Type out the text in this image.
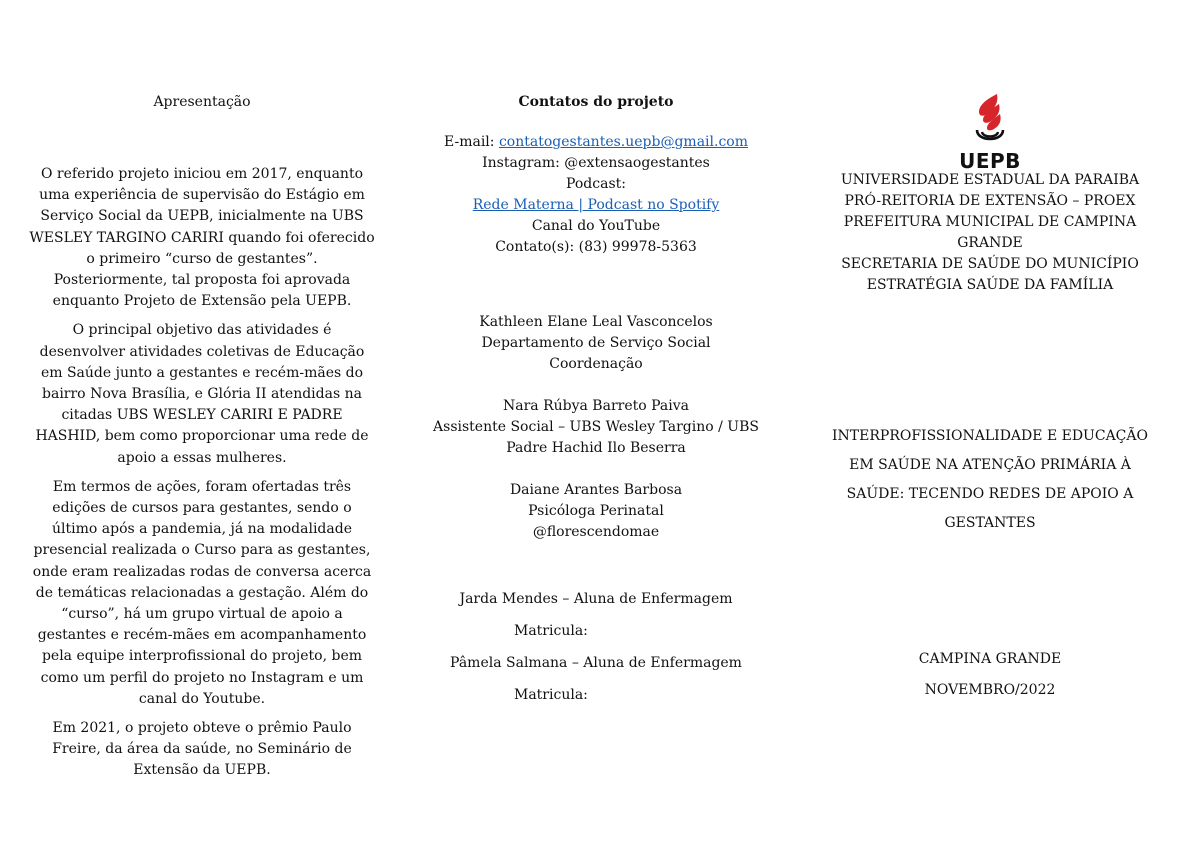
Apresentação

O referido projeto iniciou em 2017, enquanto uma experiência de supervisão do Estágio em Serviço Social da UEPB, inicialmente na UBS WESLEY TARGINO CARIRI quando foi oferecido o primeiro “curso de gestantes”. Posteriormente, tal proposta foi aprovada enquanto Projeto de Extensão pela UEPB.

O principal objetivo das atividades é desenvolver atividades coletivas de Educação em Saúde junto a gestantes e recém-mães do bairro Nova Brasília, e Glória II atendidas na citadas UBS WESLEY CARIRI E PADRE HASHID, bem como proporcionar uma rede de apoio a essas mulheres.

Em termos de ações, foram ofertadas três edições de cursos para gestantes, sendo o último após a pandemia, já na modalidade presencial realizada o Curso para as gestantes, onde eram realizadas rodas de conversa acerca de temáticas relacionadas a gestação. Além do “curso”, há um grupo virtual de apoio a gestantes e recém-mães em acompanhamento pela equipe interprofissional do projeto, bem como um perfil do projeto no Instagram e um canal do Youtube.

Em 2021, o projeto obteve o prêmio Paulo Freire, da área da saúde, no Seminário de Extensão da UEPB.

Contatos do projeto
E-mail: contatogestantes.uepb@gmail.com
Instagram: @extensaogestantes
Podcast:
Rede Materna | Podcast no Spotify
Canal do YouTube
Contato(s): (83) 99978-5363
Kathleen Elane Leal Vasconcelos
Departamento de Serviço Social
Coordenação
Nara Rúbya Barreto Paiva
Assistente Social – UBS Wesley Targino / UBS
Padre Hachid Ilo Beserra
Daiane Arantes Barbosa
Psicóloga Perinatal
@florescendomae
Jarda Mendes – Aluna de Enfermagem
Matricula:
Pâmela Salmana – Aluna de Enfermagem
Matricula:
UEPB
UNIVERSIDADE ESTADUAL DA PARAIBA
PRÓ-REITORIA DE EXTENSÃO – PROEX
PREFEITURA MUNICIPAL DE CAMPINA
GRANDE
SECRETARIA DE SAÚDE DO MUNICÍPIO
ESTRATÉGIA SAÚDE DA FAMÍLIA
INTERPROFISSIONALIDADE E EDUCAÇÃO
EM SAÚDE NA ATENÇÃO PRIMÁRIA À
SAÚDE: TECENDO REDES DE APOIO A
GESTANTES
CAMPINA GRANDE
NOVEMBRO/2022
